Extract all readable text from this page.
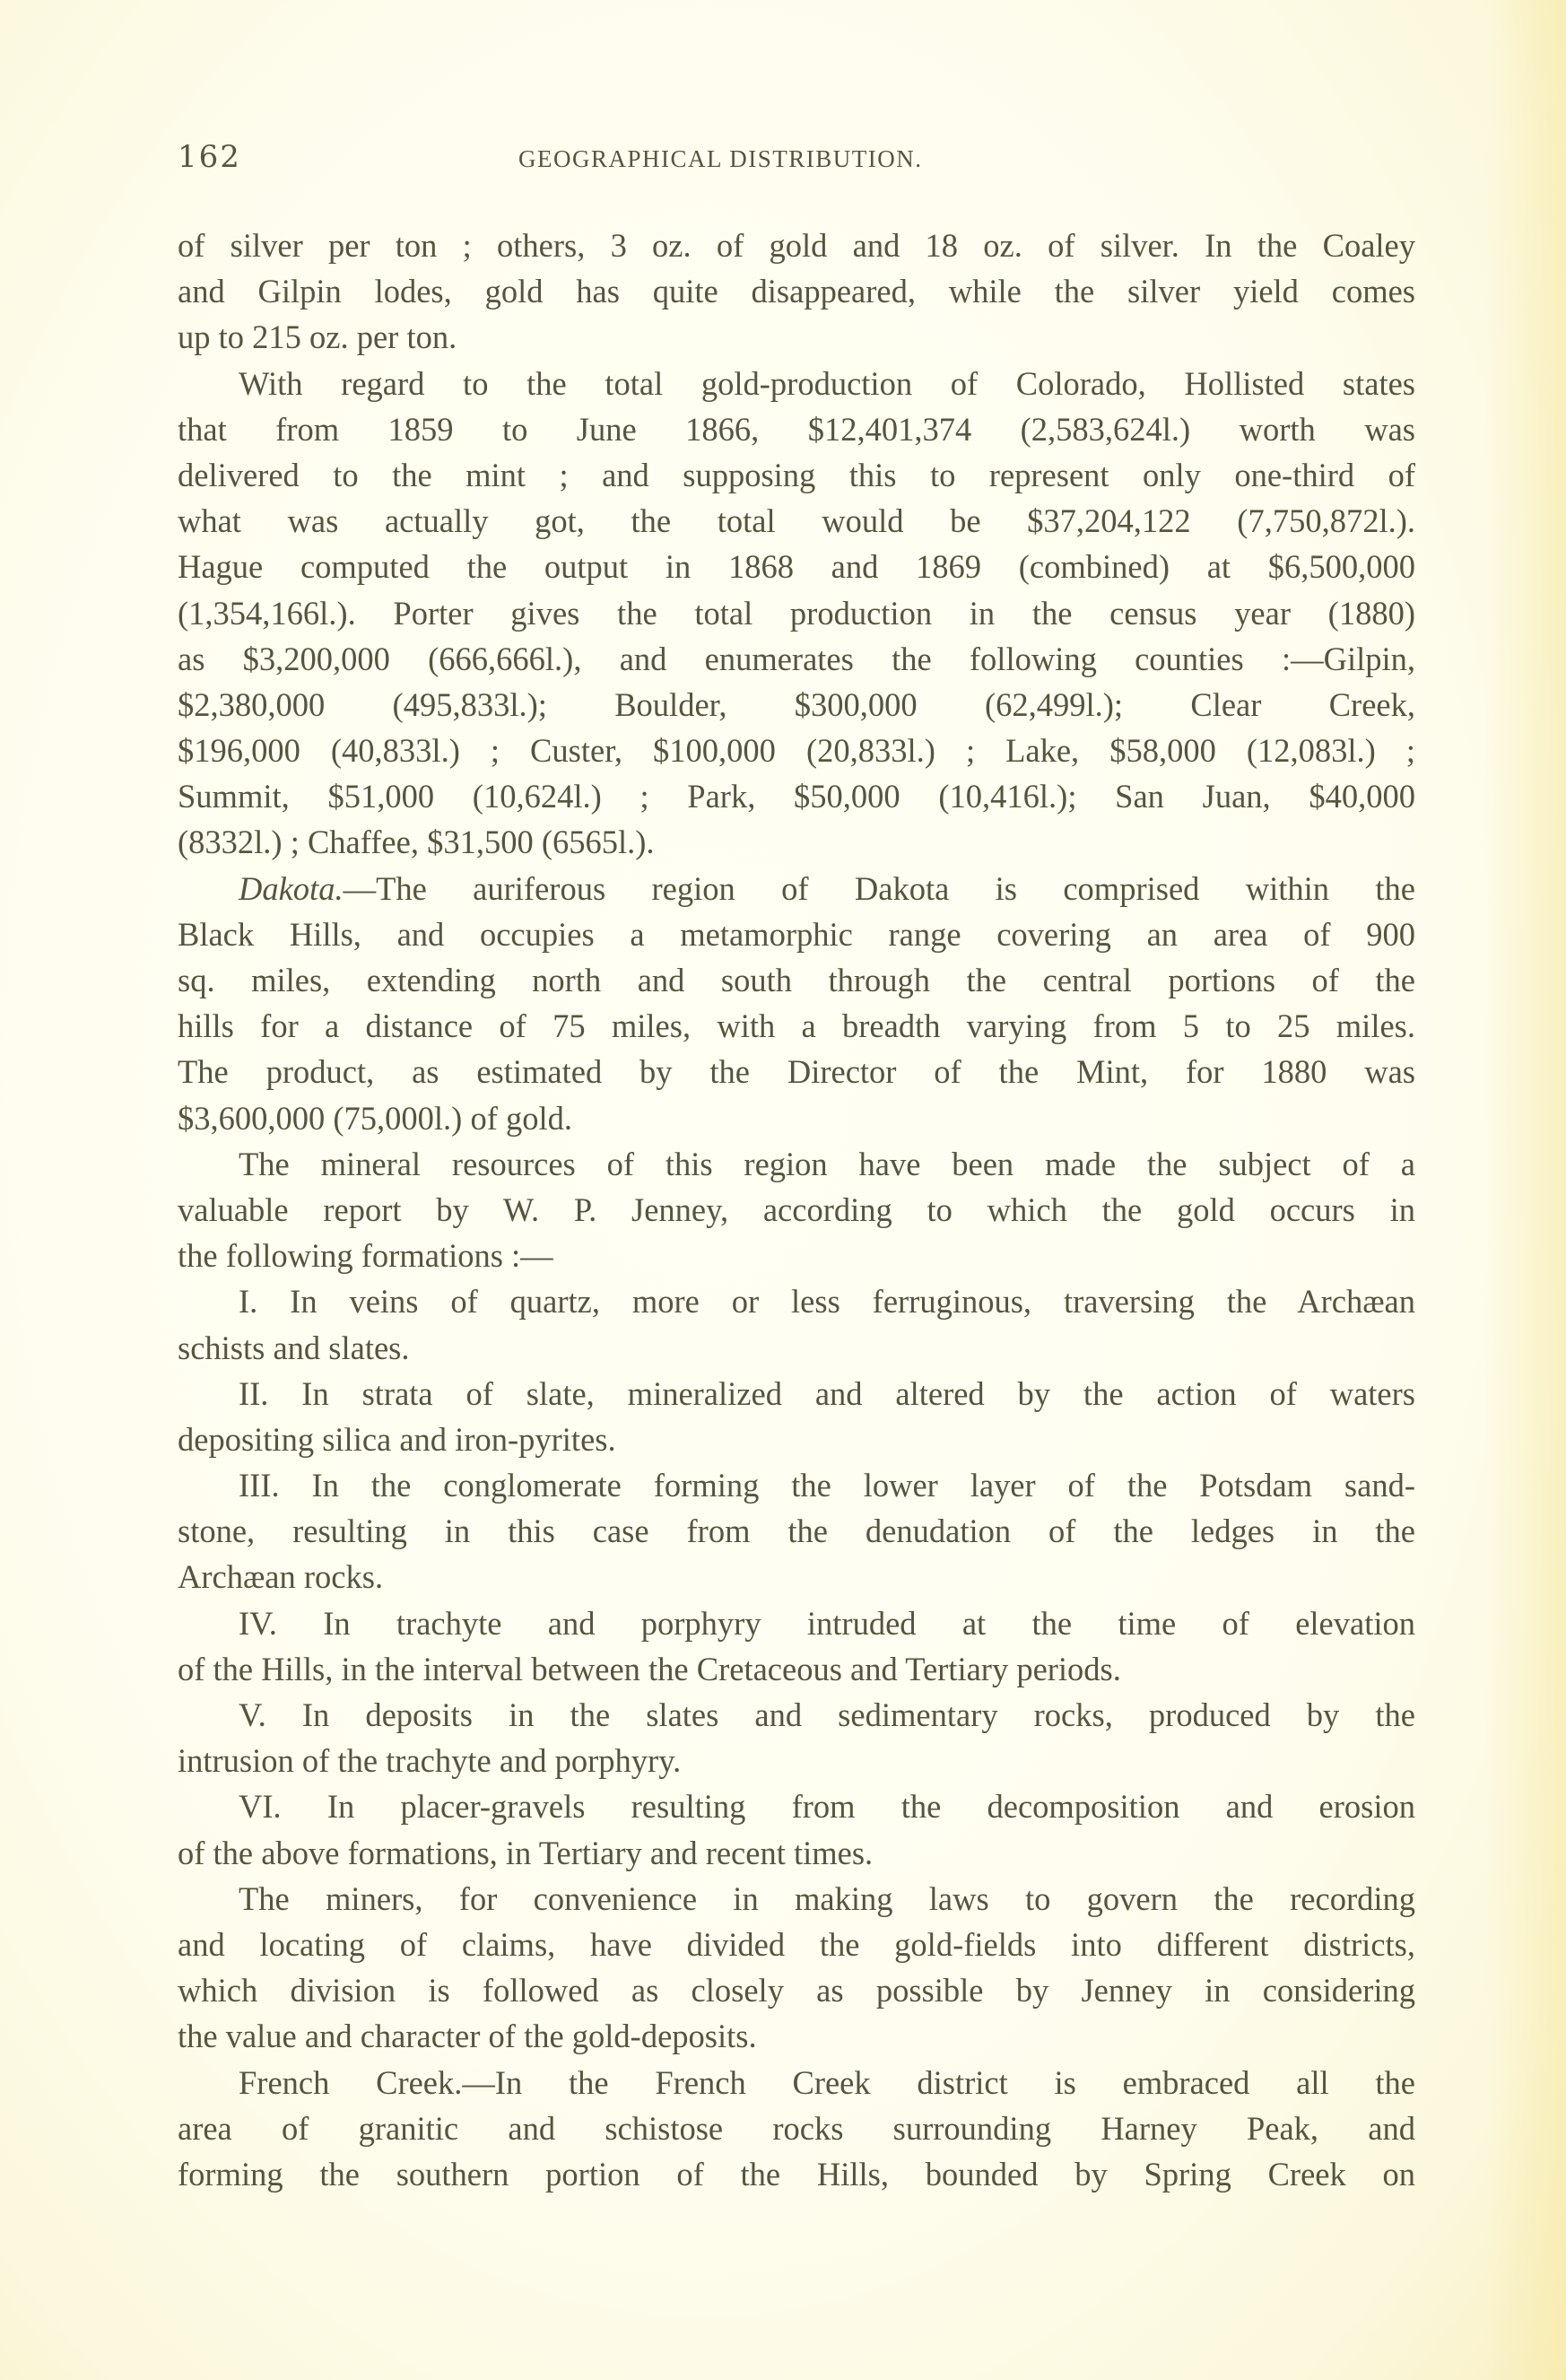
162	GEOGRAPHICAL DISTRIBUTION.
of silver per ton ; others, 3 oz. of gold and 18 oz. of silver. In the Coaley
and Gilpin lodes, gold has quite disappeared, while the silver yield comes
up to 215 oz. per ton.
With regard to the total gold-production of Colorado, Hollisted states
that from 1859 to June 1866, $12,401,374 (2,583,624l.) worth was
delivered to the mint ; and supposing this to represent only one-third of
what was actually got, the total would be $37,204,122 (7,750,872l.).
Hague computed the output in 1868 and 1869 (combined) at $6,500,000
(1,354,166l.). Porter gives the total production in the census year (1880)
as $3,200,000 (666,666l.), and enumerates the following counties :—Gilpin,
$2,380,000 (495,833l.); Boulder, $300,000 (62,499l.); Clear Creek,
$196,000 (40,833l.) ; Custer, $100,000 (20,833l.) ; Lake, $58,000 (12,083l.) ;
Summit, $51,000 (10,624l.) ; Park, $50,000 (10,416l.); San Juan, $40,000
(8332l.) ; Chaffee, $31,500 (6565l.).
Dakota.—The auriferous region of Dakota is comprised within the
Black Hills, and occupies a metamorphic range covering an area of 900
sq. miles, extending north and south through the central portions of the
hills for a distance of 75 miles, with a breadth varying from 5 to 25 miles.
The product, as estimated by the Director of the Mint, for 1880 was
$3,600,000 (75,000l.) of gold.
The mineral resources of this region have been made the subject of a
valuable report by W. P. Jenney, according to which the gold occurs in
the following formations :—
I. In veins of quartz, more or less ferruginous, traversing the Archæan
schists and slates.
II. In strata of slate, mineralized and altered by the action of waters
depositing silica and iron-pyrites.
III. In the conglomerate forming the lower layer of the Potsdam sand-
stone, resulting in this case from the denudation of the ledges in the
Archæan rocks.
IV. In trachyte and porphyry intruded at the time of elevation
of the Hills, in the interval between the Cretaceous and Tertiary periods.
V. In deposits in the slates and sedimentary rocks, produced by the
intrusion of the trachyte and porphyry.
VI. In placer-gravels resulting from the decomposition and erosion
of the above formations, in Tertiary and recent times.
The miners, for convenience in making laws to govern the recording
and locating of claims, have divided the gold-fields into different districts,
which division is followed as closely as possible by Jenney in considering
the value and character of the gold-deposits.
French Creek.—In the French Creek district is embraced all the
area of granitic and schistose rocks surrounding Harney Peak, and
forming the southern portion of the Hills, bounded by Spring Creek on
